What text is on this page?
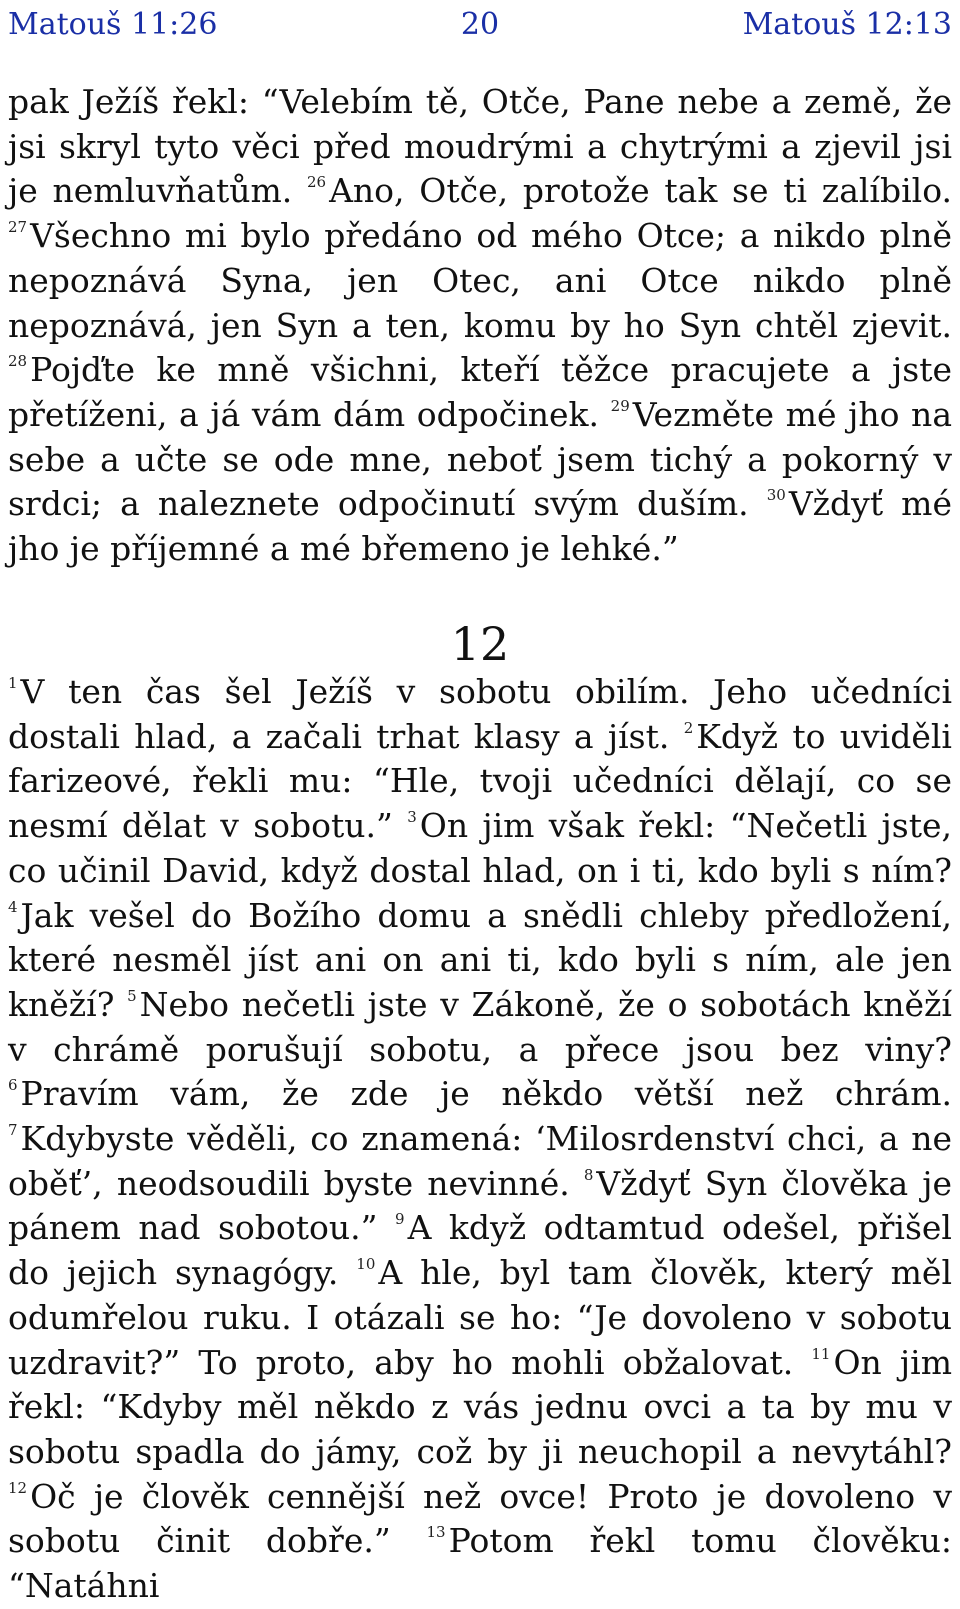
Matouš 11:26	20	Matouš 12:13

pak Ježíš řekl: “Velebím tě, Otče, Pane nebe a země, že jsi skryl tyto věci před moudrými a chytrými a zjevil jsi je nemluvňatům. $^{26}$Ano, Otče, protože tak se ti zalíbilo. $^{27}$Všechno mi bylo předáno od mého Otce; a nikdo plně nepoznává Syna, jen Otec, ani Otce nikdo plně nepoznává, jen Syn a ten, komu by ho Syn chtěl zjevit. $^{28}$Pojďte ke mně všichni, kteří těžce pracujete a jste přetíženi, a já vám dám odpočinek. $^{29}$Vezměte mé jho na sebe a učte se ode mne, neboť jsem tichý a pokorný v srdci; a naleznete odpočinutí svým duším. $^{30}$Vždyť mé jho je příjemné a mé břemeno je lehké.”

12

$^1$V ten čas šel Ježíš v sobotu obilím. Jeho učedníci dostali hlad, a začali trhat klasy a jíst. $^2$Když to uviděli farizeové, řekli mu: “Hle, tvoji učedníci dělají, co se nesmí dělat v sobotu.” $^3$On jim však řekl: “Nečetli jste, co učinil David, když dostal hlad, on i ti, kdo byli s ním? $^4$Jak vešel do Božího domu a snědli chleby předložení, které nesměl jíst ani on ani ti, kdo byli s ním, ale jen kněží? $^5$Nebo nečetli jste v Zákoně, že o sobotách kněží v chrámě porušují sobotu, a přece jsou bez viny? $^6$Pravím vám, že zde je někdo větší než chrám. $^7$Kdybyste věděli, co znamená: ‘Milosrdenství chci, a ne oběť’, neodsoudili byste nevinné. $^8$Vždyť Syn člověka je pánem nad sobotou.” $^9$A když odtamtud odešel, přišel do jejich synagógy. $^{10}$A hle, byl tam člověk, který měl odumřelou ruku. I otázali se ho: “Je dovoleno v sobotu uzdravit?” To proto, aby ho mohli obžalovat. $^{11}$On jim řekl: “Kdyby měl někdo z vás jednu ovci a ta by mu v sobotu spadla do jámy, což by ji neuchopil a nevytáhl? $^{12}$Oč je člověk cennější než ovce! Proto je dovoleno v sobotu činit dobře.” $^{13}$Potom řekl tomu člověku: “Natáhni
